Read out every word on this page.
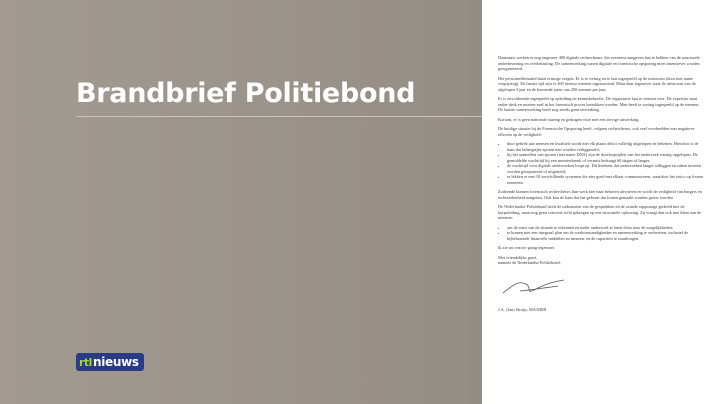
Brandbrief Politiebond
rtl nieuws

Daarnaast werken er nog ongeveer 400 digitale rechercheurs, die eveneens aangeven last te hebben van de structurele onderbezetting en overbelasting. De samenwerking tussen digitale en forensische opsporing moet intensiever worden georganiseerd.

Het personeelsbestand baart ernstige zorgen. Er is te weinig en te laat ingespeeld op de uitstroom (door met name vergrijzing). De laatste tijd zijn er 200 nieuwe mensen ingestroomd. Maar daar tegenover staat de uitstroom van de afgelopen 3 jaar en de komende jaren van 200 mensen per jaar.

Er is onvoldoende ingespeeld op opleiding en kennisbehoefte. De organisatie laat te wensen over. De expertise staat onder druk en moeten snel in het forensisch proces betrokken worden. Men heeft te weinig ingespeeld op de mensen. De laatste samenwerking heeft nog steeds geen uitwerking.

Kortom, er is geen nationale sturing en gedragen visie met een stevige uitwerking.

De huidige situatie bij de Forensische Opsporing heeft, volgens rechercheurs, ook veel voorbeelden met negatieve effecten op de veiligheid:

• door gebrek aan mensen en kwaliteit wordt niet elk plaats delict volledig uitgelopen en bekeken. Hierdoor is de kans dat belangrijke sporen niet worden veiliggesteld;
• bij het aantreffen van sporen (met name DNA) zijn de doorlooptijden van het onderzoek ernstig opgelopen. De gemiddelde wachttijd bij een monsterbreuk of vermist bedraagt 60 dagen of langer;
• de wachttijd voor digitale onderzoeken loopt op. Dit betekent dat onderzoeken langer stilliggen en zaken moeten worden geseponeerd of uitgesteld;
• er lekken er met 10 verschillende systemen die niet goed met elkaar communiceren, waardoor het risico op fouten toeneemt.

Zodoende kunnen forensisch rechercheurs hun werk niet naar behoren uitvoeren en wordt de veiligheid van burgers en rechtszekerheid aangetast. Ook kan de kans dat het gebeurt dat fouten gemaakt worden groter worden.

De Nederlandse Politiebond heeft de uitkomsten van de gesprekken en de actuele rapportage gedeeld met de korpsleiding, maar nog geen concreet zicht gekregen op een structurele oplossing. Zij vraagt dan ook met klem aan de minister:

• om de ernst van de situatie te erkennen en nader onderzoek te laten doen naar de mogelijkheden;
• te komen met een integraal plan om de werkomstandigheden en samenwerking te verbeteren, inclusief de bijbehorende financiële middelen en mensen, en de capaciteit te waarborgen.

Ik zie uw reactie graag tegemoet.

Met vriendelijke groet,

namens de Nederlandse Politiebond,

J.A. (Jan) Struijs, MA/MMI
